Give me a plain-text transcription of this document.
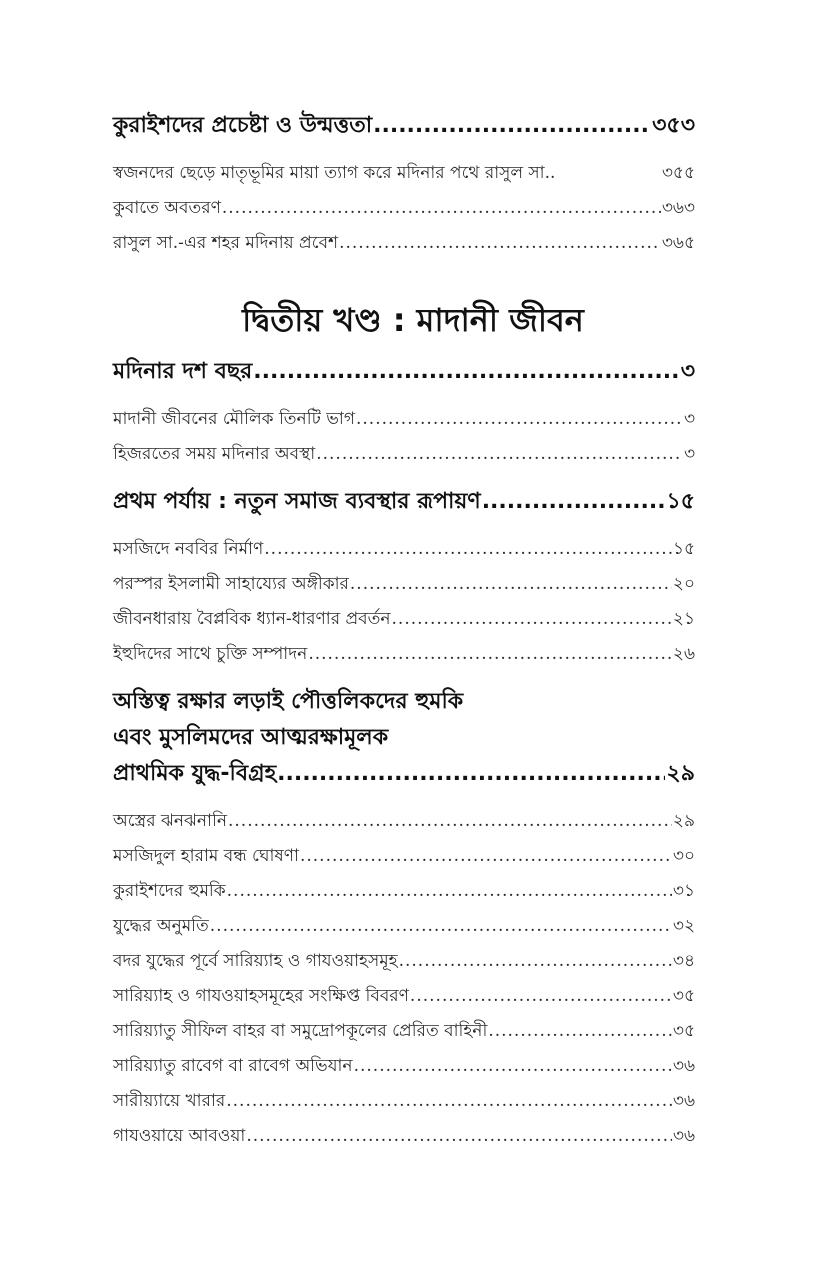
কুরাইশদের প্রচেষ্টা ও উন্মত্ততা .....	৩৫৩
স্বজনদের ছেড়ে মাতৃভূমির মায়া ত্যাগ করে মদিনার পথে রাসুল সা..	৩৫৫
কুবাতে অবতরণ .....	৩৬৩
রাসুল সা.-এর শহর মদিনায় প্রবেশ .....	৩৬৫
দ্বিতীয় খণ্ড : মাদানী জীবন
মদিনার দশ বছর .....	৩
মাদানী জীবনের মৌলিক তিনটি ভাগ .....	৩
হিজরতের সময় মদিনার অবস্থা .....	৩
প্রথম পর্যায় : নতুন সমাজ ব্যবস্থার রূপায়ণ .....	১৫
মসজিদে নববির নির্মাণ .....	১৫
পরস্পর ইসলামী সাহায্যের অঙ্গীকার .....	২০
জীবনধারায় বৈপ্লবিক ধ্যান-ধারণার প্রবর্তন .....	২১
ইহুদিদের সাথে চুক্তি সম্পাদন .....	২৬
অস্তিত্ব রক্ষার লড়াই পৌত্তলিকদের হুমকি
এবং মুসলিমদের আত্মরক্ষামূলক
প্রাথমিক যুদ্ধ-বিগ্রহ .....	২৯
অস্ত্রের ঝনঝনানি .....	২৯
মসজিদুল হারাম বন্ধ ঘোষণা .....	৩০
কুরাইশদের হুমকি .....	৩১
যুদ্ধের অনুমতি .....	৩২
বদর যুদ্ধের পূর্বে সারিয়্যাহ ও গাযওয়াহসমূহ .....	৩৪
সারিয়্যাহ ও গাযওয়াহসমূহের সংক্ষিপ্ত বিবরণ .....	৩৫
সারিয়্যাতু সীফিল বাহর বা সমুদ্রোপকূলের প্রেরিত বাহিনী .....	৩৫
সারিয়্যাতু রাবেগ বা রাবেগ অভিযান .....	৩৬
সারীয়্যায়ে খারার .....	৩৬
গাযওয়ায়ে আবওয়া .....	৩৬
